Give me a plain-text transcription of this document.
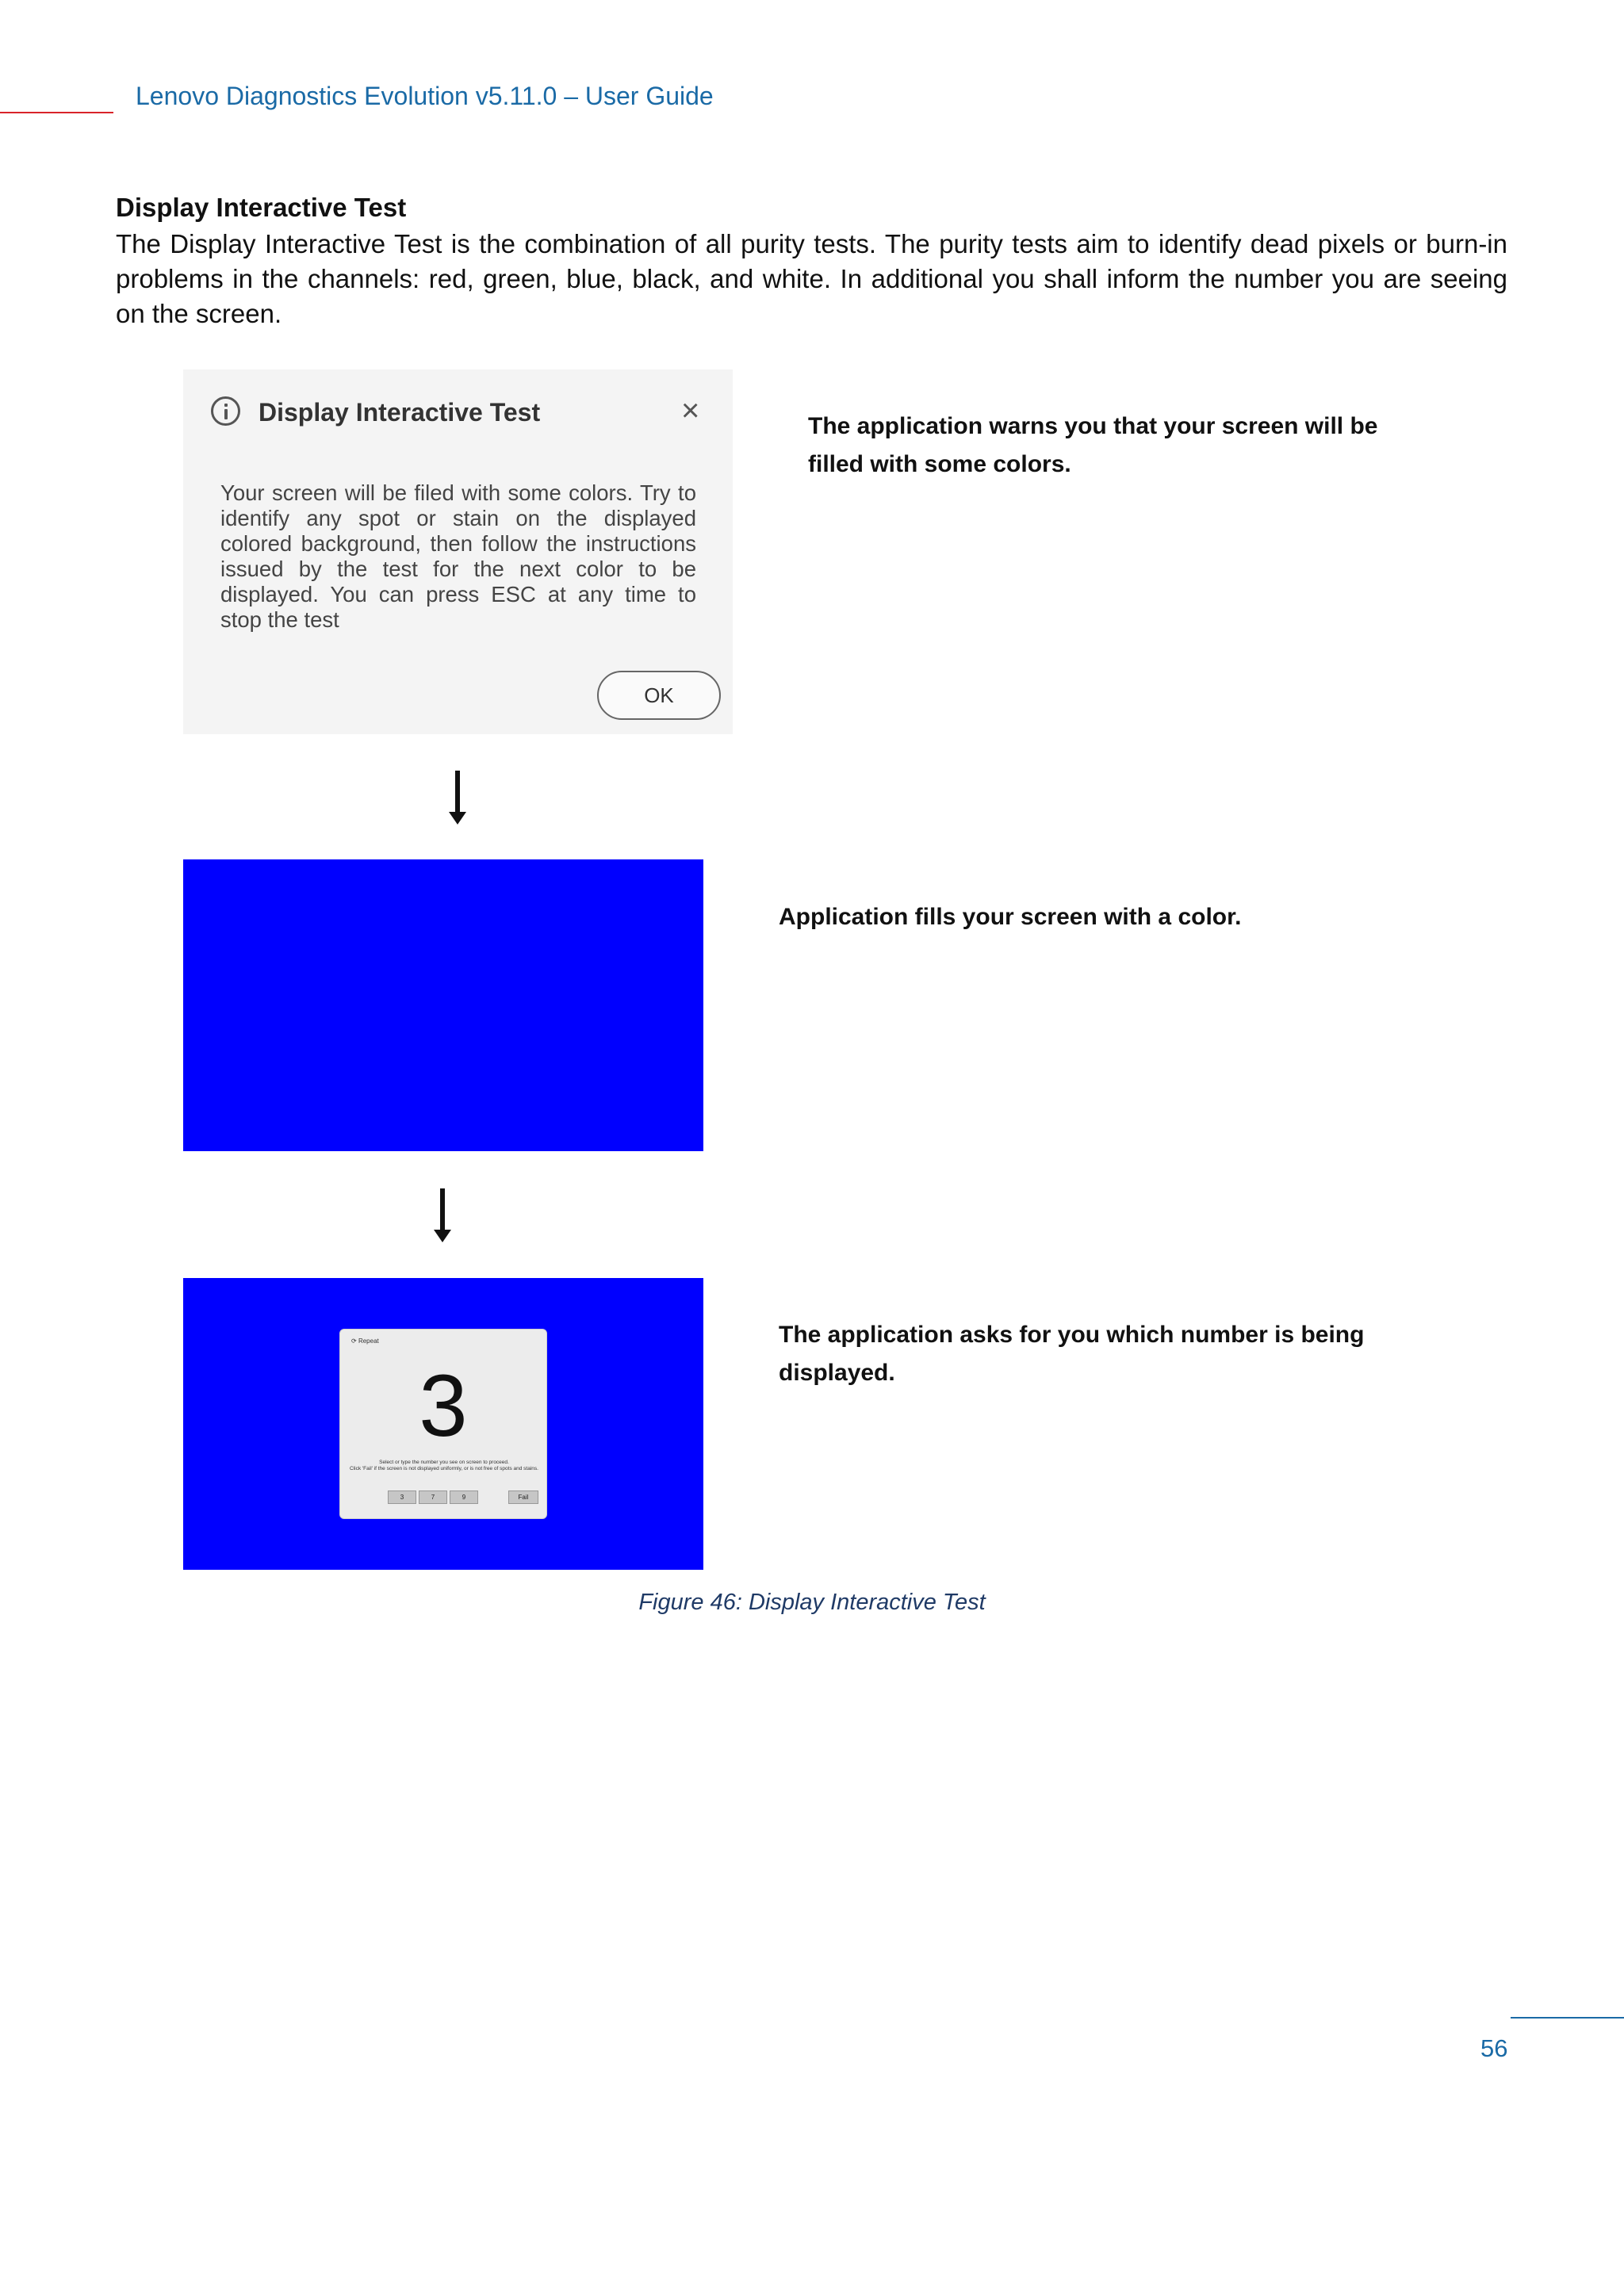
Lenovo Diagnostics Evolution v5.11.0 – User Guide
Display Interactive Test

The Display Interactive Test is the combination of all purity tests. The purity tests aim to identify dead pixels or burn-in problems in the channels: red, green, blue, black, and white. In additional you shall inform the number you are seeing on the screen.

Display Interactive Test	×

Your screen will be filed with some colors. Try to identify any spot or stain on the displayed colored background, then follow the instructions issued by the test for the next color to be displayed. You can press ESC at any time to stop the test

OK
The application warns you that your screen will be filled with some colors.
Application fills your screen with a color.
⟳ Repeat
3
Select or type the number you see on screen to proceed.
Click 'Fail' if the screen is not displayed uniformly, or is not free of spots and stains.
3	7	9	Fail
The application asks for you which number is being displayed.
Figure 46: Display Interactive Test
56
